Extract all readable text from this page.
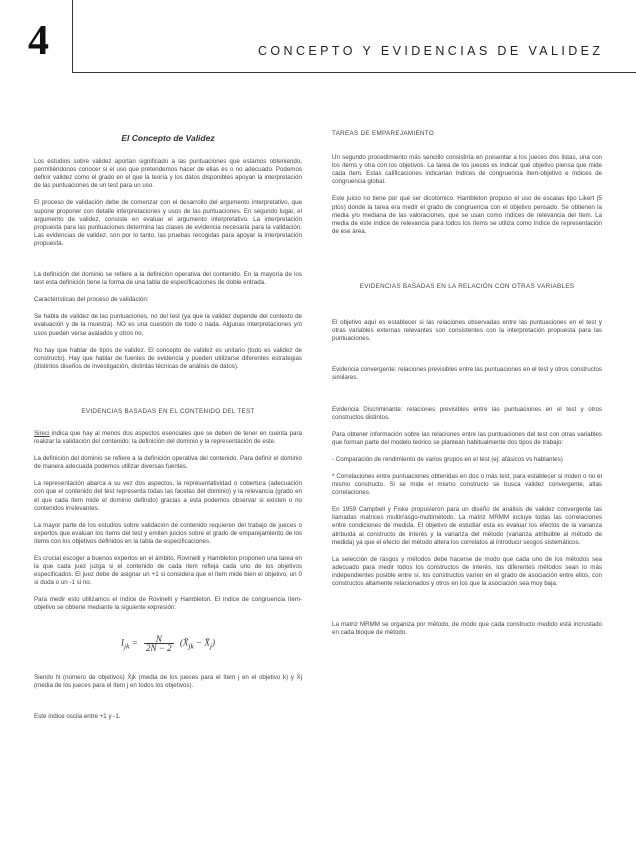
4	CONCEPTO Y EVIDENCIAS DE VALIDEZ
El Concepto de Validez

Los estudios sobre validez aportan significado a las puntuaciones que estamos obteniendo, permitiéndonos conocer si el uso que pretendemos hacer de ellas es o no adecuado. Podemos definir validez como el grado en el que la teoría y los datos disponibles apoyan la interpretación de las puntuaciones de un test para un uso.

El proceso de validación debe de comenzar con el desarrollo del argumento interpretativo, que supone proponer con detalle interpretaciones y usos de las puntuaciones. En segundo lugar, el argumento de validez, consiste en evaluar el argumento interpretativo. La interpretación propuesta para las puntuaciones determina las clases de evidencia necesaria para la validación. Las evidencias de validez, son por lo tanto, las pruebas recogidas para apoyar la interpretación propuesta.

La definición del dominio se refiere a la definición operativa del contenido. En la mayoría de los test esta definición tiene la forma de una tabla de especificaciones de doble entrada.

Características del proceso de validación:

Se habla de validez de las puntuaciones, no del test (ya que la validez depende del contexto de evaluación y de la muestra). NO es una cuestión de todo o nada. Algunas interpretaciones y/o usos pueden verse avalados y otros no.

No hay que hablar de tipos de validez. El concepto de validez es unitario (todo es validez de constructo). Hay que hablar de fuentes de evidencia y pueden utilizarse diferentes estrategias (distintos diseños de investigación, distintas técnicas de análisis de datos).

EVIDENCIAS BASADAS EN EL CONTENIDO DEL TEST

Sireci indica que hay al menos dos aspectos esenciales que se deben de tener en cuenta para realizar la validación del contenido: la definición del dominio y la representación de este.

La definición del dominio se refiere a la definición operativa del contenido. Para definir el dominio de manera adecuada podemos utilizar diversas fuentes.

La representación abarca a su vez dos aspectos, la representatividad o cobertura (adecuación con que el contenido del test representa todas las facetas del dominio) y la relevancia (grado en el que cada ítem mide el dominio definido) gracias a esta podemos observar si existen o no contenidos irrelevantes.

La mayor parte de los estudios sobre validación de contenido requieren del trabajo de jueces o expertos que evalúan los ítems del test y emiten juicios sobre el grado de emparejamiento de los ítems con los objetivos definidos en la tabla de especificaciones.

Es crucial escoger a buenos expertos en el ámbito. Rovinelli y Hambleton proponen una tarea en la que cada juez juzga si el contenido de cada ítem refleja cada uno de los objetivos especificados. El juez debe de asignar un +1 si considera que el ítem mide bien el objetivo, un 0 si duda o un -1 si no.

Para medir esto utilizamos el índice de Rovinelli y Hambleton. El índice de congruencia ítem-objetivo se obtiene mediante la siguiente expresión:

$I_{jk} = \frac{N}{2N - 2}$ ($X̄_{jk}$ − $X̄_j$)

Siendo N (número de objetivos) X̄jk (media de los jueces para el ítem j en el objetivo k) y X̄j (media de los jueces para el ítem j en todos los objetivos).

Este índice oscila entre +1 y -1.

TAREAS DE EMPAREJAMIENTO

Un segundo procedimiento más sencillo consistiría en presentar a los jueces dos listas, una con los ítems y otra con los objetivos. La tarea de los jueces es indicar qué objetivo piensa que mide cada ítem. Estas calificaciones indicarían índices de congruencia ítem-objetivo e índices de congruencia global.

Este juicio no tiene por qué ser dicotómico. Hambleton propuso el uso de escalas tipo Likert (5 ptos) donde la tarea era medir el grado de congruencia con el objetivo pensado. Se obtienen la media y/o mediana de las valoraciones, que se usan como índices de relevancia del ítem. La media de este índice de relevancia para todos los ítems se utiliza como índice de representación de ese área.

EVIDENCIAS BASADAS EN LA RELACIÓN CON OTRAS VARIABLES

El objetivo aquí es establecer si las relaciones observadas entre las puntuaciones en el test y otras variables externas relevantes son consistentes con la interpretación propuesta para las puntuaciones.

Evidencia convergente: relaciones previsibles entre las puntuaciones en el test y otros constructos similares.

Evidencia Discriminante: relaciones previsibles entre las puntuaciones en el test y otros constructos distintos.

Para obtener información sobre las relaciones entre las puntuaciones del test con otras variables que forman parte del modelo teórico se plantean habitualmente dos tipos de trabajo:

- Comparación de rendimiento de varios grupos en el test (ej: afásicos vs hablantes)

* Correlaciones entre puntuaciones obtenidas en dos o más test, para establecer si miden o no el mismo constructo. Si se mide el mismo constructo se busca validez convergente, altas correlaciones.

En 1959 Campbell y Fiske propusieron para un diseño de análisis de validez convergente las llamadas matrices multirrasgo-multimétodo. La matriz MRMM incluye todas las correlaciones entre condiciones de medida. El objetivo de estudiar esta es evaluar los efectos de la varianza atribuida al constructo de interés y la varianza del método (varianza atribuible al método de medida) ya que el efecto del método altera los correlatos al introducir sesgos sistemáticos.

La selección de rasgos y métodos debe hacerse de modo que cada uno de los métodos sea adecuado para medir todos los constructos de interés, los diferentes métodos sean lo más independientes posible entre sí, los constructos varíen en el grado de asociación entre ellos, con constructos altamente relacionados y otros en los que la asociación sea muy baja.

La matriz MRMM se organiza por método, de modo que cada constructo medido está incrustado en cada bloque de método.
